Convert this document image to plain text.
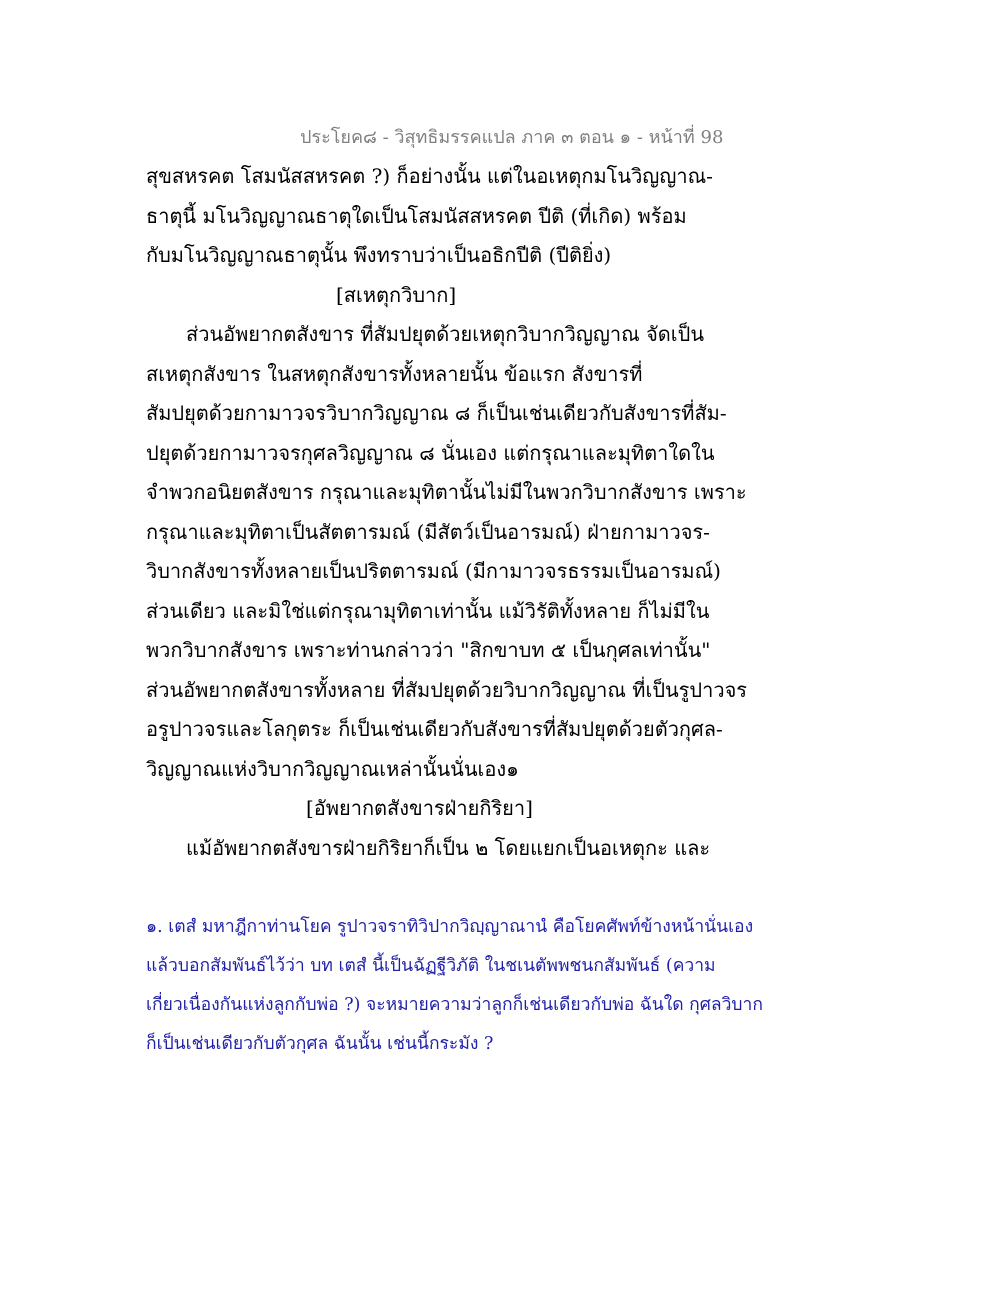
ประโยค๘ - วิสุทธิมรรคแปล ภาค ๓ ตอน ๑ - หน้าที่ 98
สุขสหรคต โสมนัสสหรคต ?) ก็อย่างนั้น แต่ในอเหตุกมโนวิญญาณ-
ธาตุนี้ มโนวิญญาณธาตุใดเป็นโสมนัสสหรคต ปีติ (ที่เกิด) พร้อม
กับมโนวิญญาณธาตุนั้น พึงทราบว่าเป็นอธิกปีติ (ปีติยิ่ง)
[สเหตุกวิบาก]
ส่วนอัพยากตสังขาร ที่สัมปยุตด้วยเหตุกวิบากวิญญาณ จัดเป็น
สเหตุกสังขาร ในสหตุกสังขารทั้งหลายนั้น ข้อแรก สังขารที่
สัมปยุตด้วยกามาวจรวิบากวิญญาณ ๘ ก็เป็นเช่นเดียวกับสังขารที่สัม-
ปยุตด้วยกามาวจรกุศลวิญญาณ ๘ นั่นเอง แต่กรุณาและมุทิตาใดใน
จำพวกอนิยตสังขาร กรุณาและมุทิตานั้นไม่มีในพวกวิบากสังขาร เพราะ
กรุณาและมุทิตาเป็นสัตตารมณ์ (มีสัตว์เป็นอารมณ์) ฝ่ายกามาวจร-
วิบากสังขารทั้งหลายเป็นปริตตารมณ์ (มีกามาวจรธรรมเป็นอารมณ์)
ส่วนเดียว และมิใช่แต่กรุณามุทิตาเท่านั้น แม้วิรัติทั้งหลาย ก็ไม่มีใน
พวกวิบากสังขาร เพราะท่านกล่าวว่า "สิกขาบท ๕ เป็นกุศลเท่านั้น"
ส่วนอัพยากตสังขารทั้งหลาย ที่สัมปยุตด้วยวิบากวิญญาณ ที่เป็นรูปาวจร
อรูปาวจรและโลกุตระ ก็เป็นเช่นเดียวกับสังขารที่สัมปยุตด้วยตัวกุศล-
วิญญาณแห่งวิบากวิญญาณเหล่านั้นนั่นเอง๑
[อัพยากตสังขารฝ่ายกิริยา]
แม้อัพยากตสังขารฝ่ายกิริยาก็เป็น ๒ โดยแยกเป็นอเหตุกะ และ
๑. เตสํ มหาฎีกาท่านโยค รูปาวจราทิวิปากวิญฺญาณานํ คือโยคศัพท์ข้างหน้านั่นเอง
แล้วบอกสัมพันธ์ไว้ว่า บท เตสํ นี้เป็นฉัฏฐีวิภัติ ในชเนตัพพชนกสัมพันธ์ (ความ
เกี่ยวเนื่องกันแห่งลูกกับพ่อ ?) จะหมายความว่าลูกก็เช่นเดียวกับพ่อ ฉันใด กุศลวิบาก
ก็เป็นเช่นเดียวกับตัวกุศล ฉันนั้น เช่นนี้กระมัง ?
